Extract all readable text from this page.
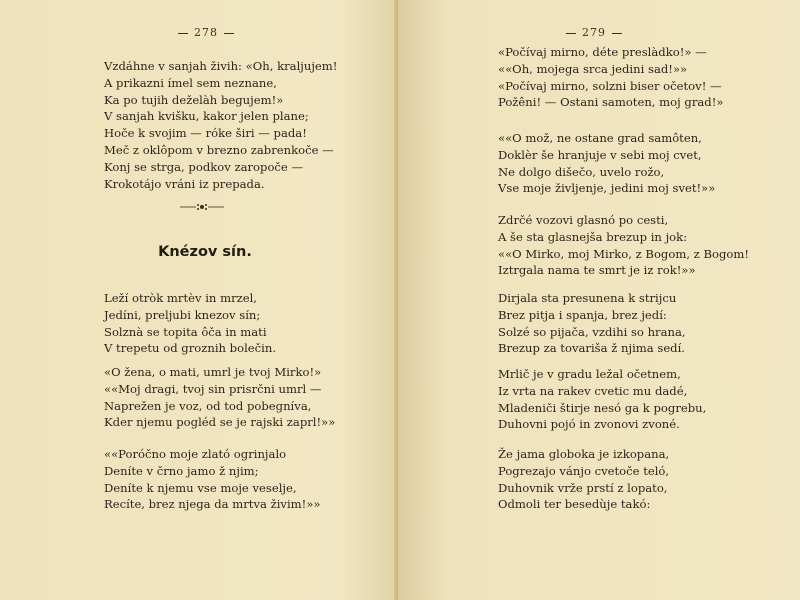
278
Vzdáhne v sanjah živih: «Oh, kraljujem!
A prikazni ímel sem neznane,
Ka po tujih deželàh begujem!»
V sanjah kvišku, kakor jelen plane;
Hoče k svojim — róke širi — pada!
Meč z oklôpom v brezno zabrenkoče —
Konj se strga, podkov zaropoče —
Krokotájo vráni iz prepada.
Knézov sín.
Leží otròk mrtèv in mrzel,
Jedíni, preljubi knezov sín;
Solznà se topita ôča in mati
V trepetu od groznih bolečin.
«O žena, o mati, umrl je tvoj Mirko!»
««Moj dragi, tvoj sin prisrčni umrl —
Naprežen je voz, od tod pobegníva,
Kder njemu pogléd se je rajski zaprl!»»
««Poróčno moje zlató ogrinjalo
Deníte v črno jamo ž njim;
Deníte k njemu vse moje veselje,
Recíte, brez njega da mrtva živim!»»
279
«Počívaj mirno, déte preslàdko!» —
««Oh, mojega srca jedini sad!»»
«Počívaj mirno, solzni biser očetov! —
Požêni! — Ostani samoten, moj grad!»
««O mož, ne ostane grad samôten,
Doklèr še hranjuje v sebi moj cvet,
Ne dolgo dišečo, uvelo rožo,
Vse moje življenje, jedini moj svet!»»
Zdrčé vozovi glasnó po cesti,
A še sta glasnejša brezup in jok:
««O Mirko, moj Mirko, z Bogom, z Bogom!
Iztrgala nama te smrt je iz rok!»»
Dirjala sta presunena k strijcu
Brez pitja i spanja, brez jedí:
Solzé so pijača, vzdihi so hrana,
Brezup za tovariša ž njima sedí.
Mrlič je v gradu ležal očetnem,
Iz vrta na rakev cvetic mu dadé,
Mladeniči štirje nesó ga k pogrebu,
Duhovni pojó in zvonovi zvoné.
Že jama globoka je izkopana,
Pogrezajo vánjo cvetoče teló,
Duhovnik vrže prstí z lopato,
Odmoli ter besedùje takó:
